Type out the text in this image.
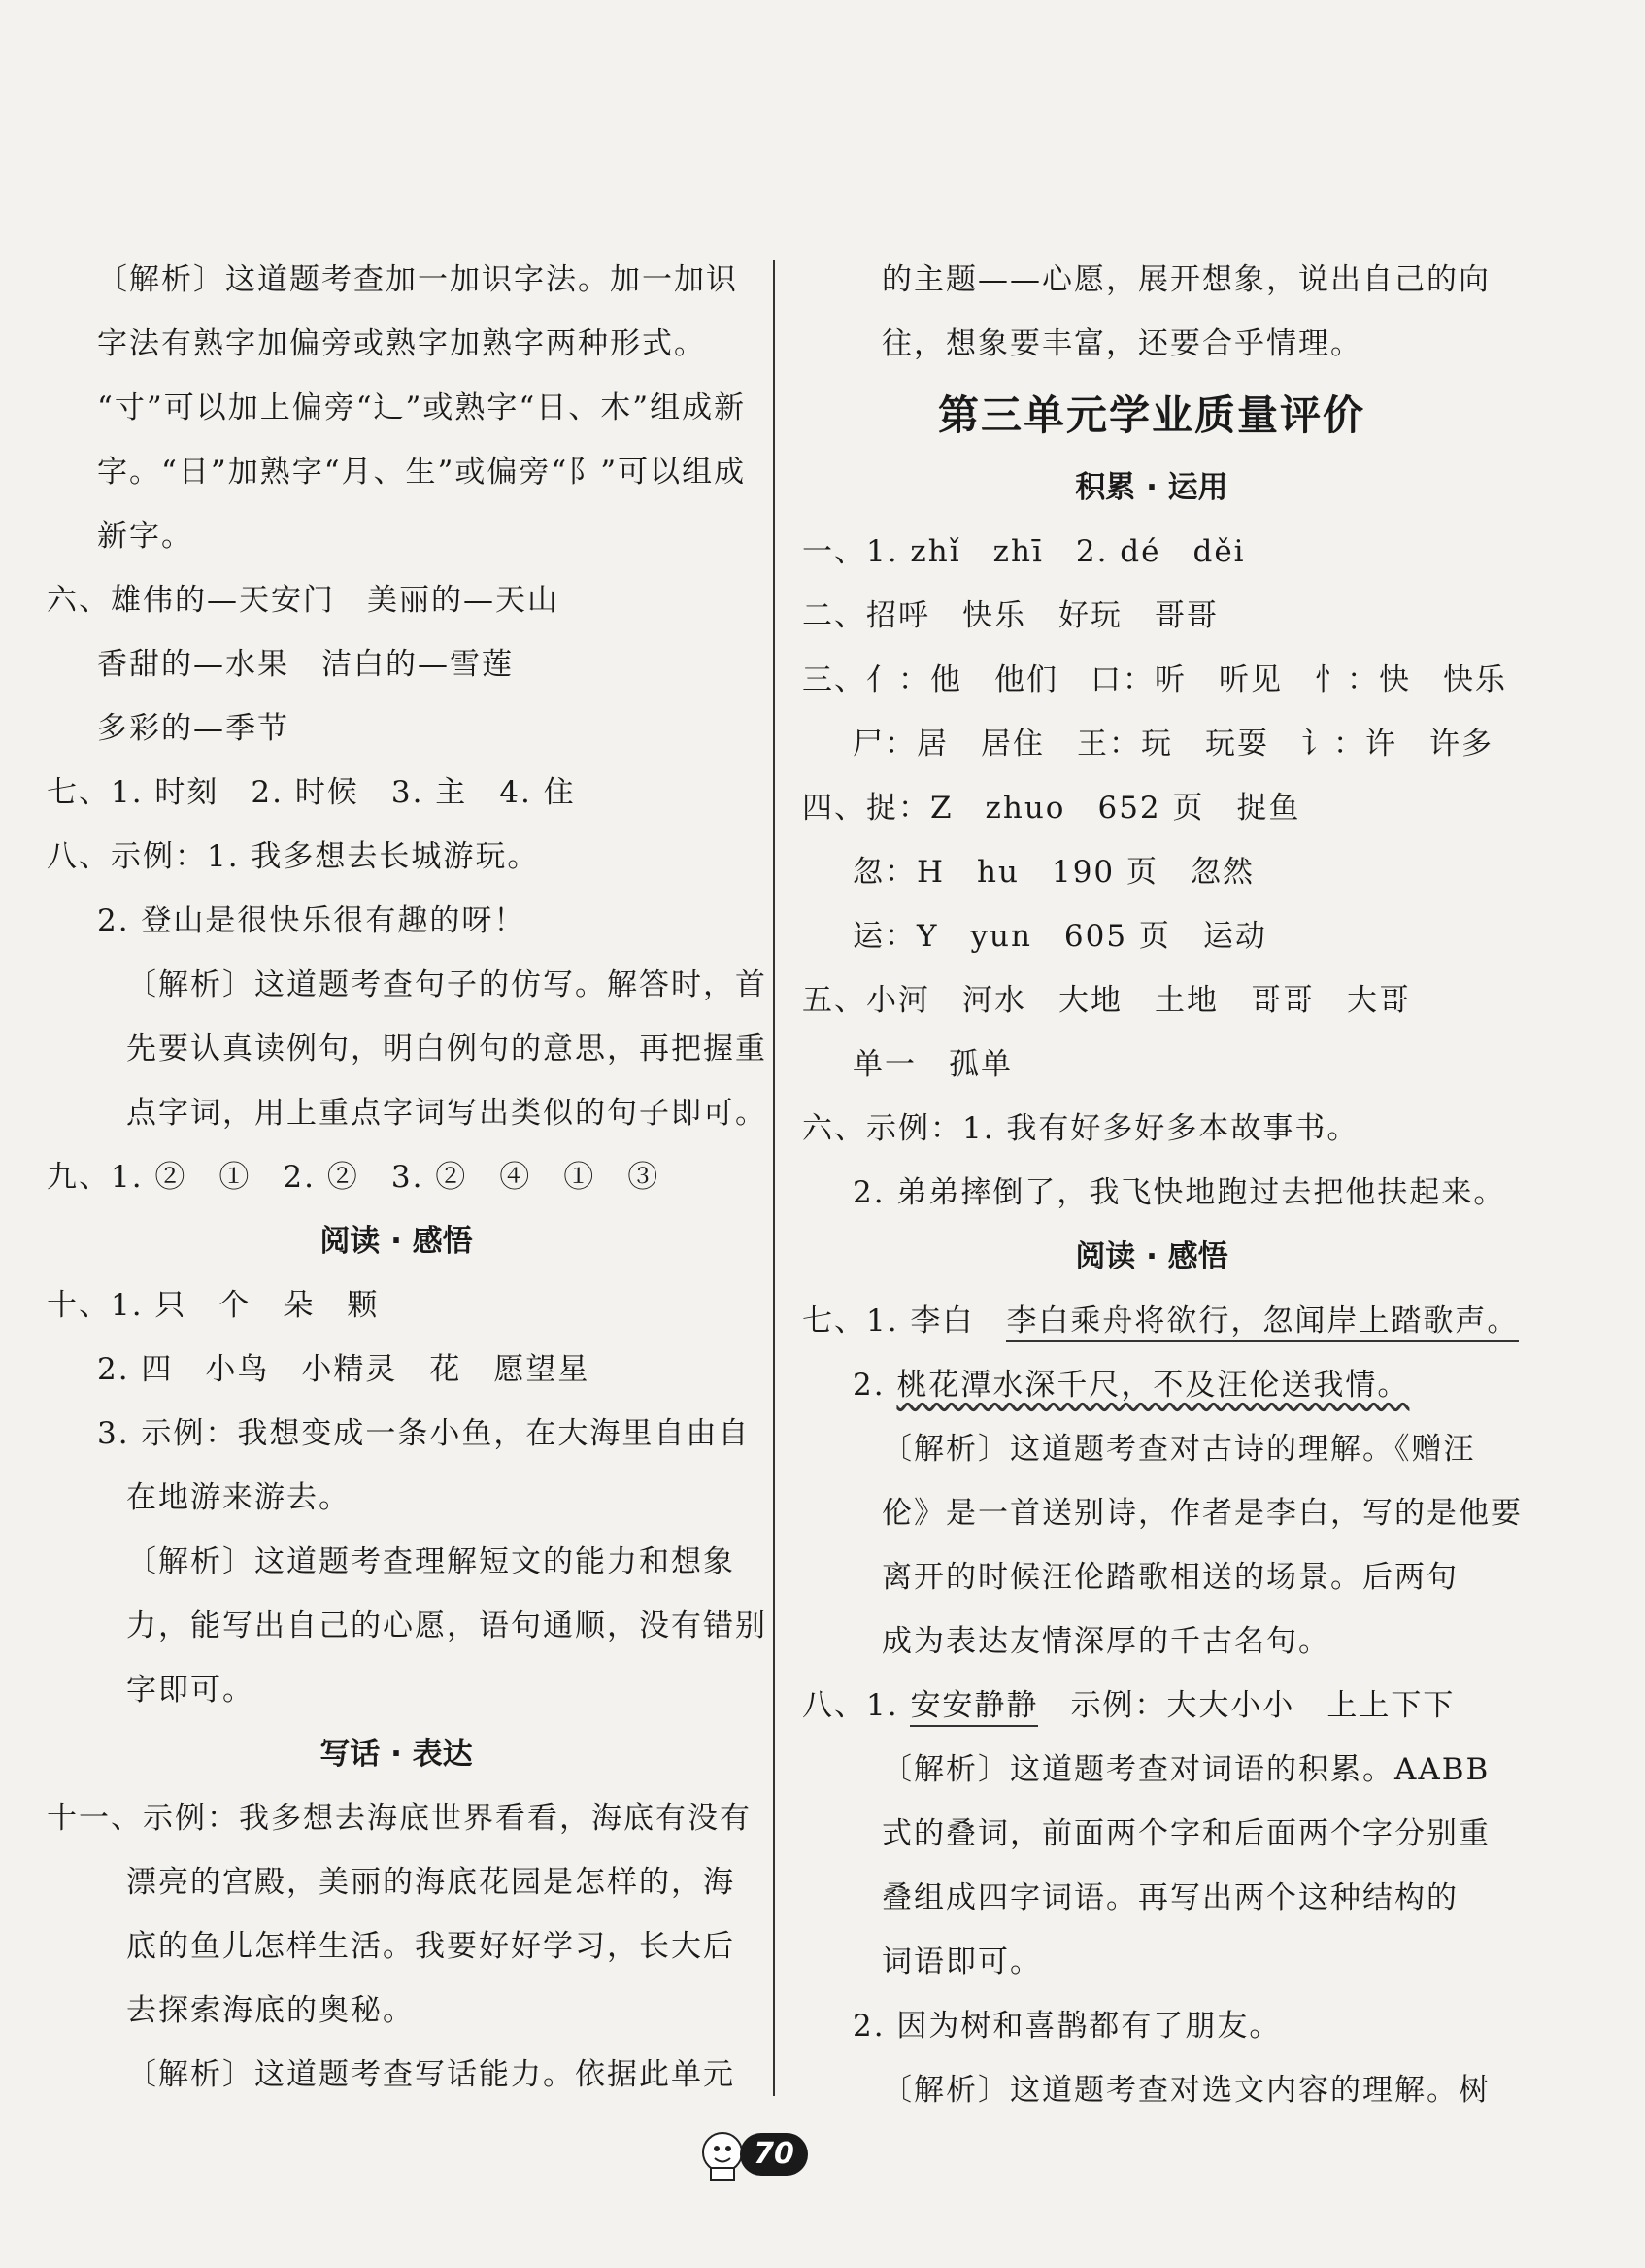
〔解析〕这道题考查加一加识字法。加一加识
字法有熟字加偏旁或熟字加熟字两种形式。
“寸”可以加上偏旁“辶”或熟字“日、木”组成新
字。“日”加熟字“月、生”或偏旁“阝”可以组成
新字。
六、雄伟的—天安门　美丽的—天山
香甜的—水果　洁白的—雪莲
多彩的—季节
七、1. 时刻　2. 时候　3. 主　4. 住
八、示例：1. 我多想去长城游玩。
2. 登山是很快乐很有趣的呀！
〔解析〕这道题考查句子的仿写。解答时，首
先要认真读例句，明白例句的意思，再把握重
点字词，用上重点字词写出类似的句子即可。
九、1. ②　①　2. ②　3. ②　④　①　③
阅读 · 感悟
十、1. 只　个　朵　颗
2. 四　小鸟　小精灵　花　愿望星
3. 示例：我想变成一条小鱼，在大海里自由自
在地游来游去。
〔解析〕这道题考查理解短文的能力和想象
力，能写出自己的心愿，语句通顺，没有错别
字即可。
写话 · 表达
十一、示例：我多想去海底世界看看，海底有没有
漂亮的宫殿，美丽的海底花园是怎样的，海
底的鱼儿怎样生活。我要好好学习，长大后
去探索海底的奥秘。
〔解析〕这道题考查写话能力。依据此单元
的主题——心愿，展开想象，说出自己的向
往，想象要丰富，还要合乎情理。
第三单元学业质量评价
积累 · 运用
一、1. zhǐ　zhī　2. dé　děi
二、招呼　快乐　好玩　哥哥
三、亻：他　他们　口：听　听见　忄：快　快乐
尸：居　居住　王：玩　玩耍　讠：许　许多
四、捉：Z　zhuo　652 页　捉鱼
忽：H　hu　190 页　忽然
运：Y　yun　605 页　运动
五、小河　河水　大地　土地　哥哥　大哥
单一　孤单
六、示例：1. 我有好多好多本故事书。
2. 弟弟摔倒了，我飞快地跑过去把他扶起来。
阅读 · 感悟
七、1. 李白　 李白乘舟将欲行，忽闻岸上踏歌声。
2. 桃花潭水深千尺，不及汪伦送我情。
〔解析〕这道题考查对古诗的理解。《赠汪
伦》是一首送别诗，作者是李白，写的是他要
离开的时候汪伦踏歌相送的场景。后两句
成为表达友情深厚的千古名句。
八、1. 安安静静　 示例：大大小小　上上下下
〔解析〕这道题考查对词语的积累。AABB
式的叠词，前面两个字和后面两个字分别重
叠组成四字词语。再写出两个这种结构的
词语即可。
2. 因为树和喜鹊都有了朋友。
〔解析〕这道题考查对选文内容的理解。树
70
